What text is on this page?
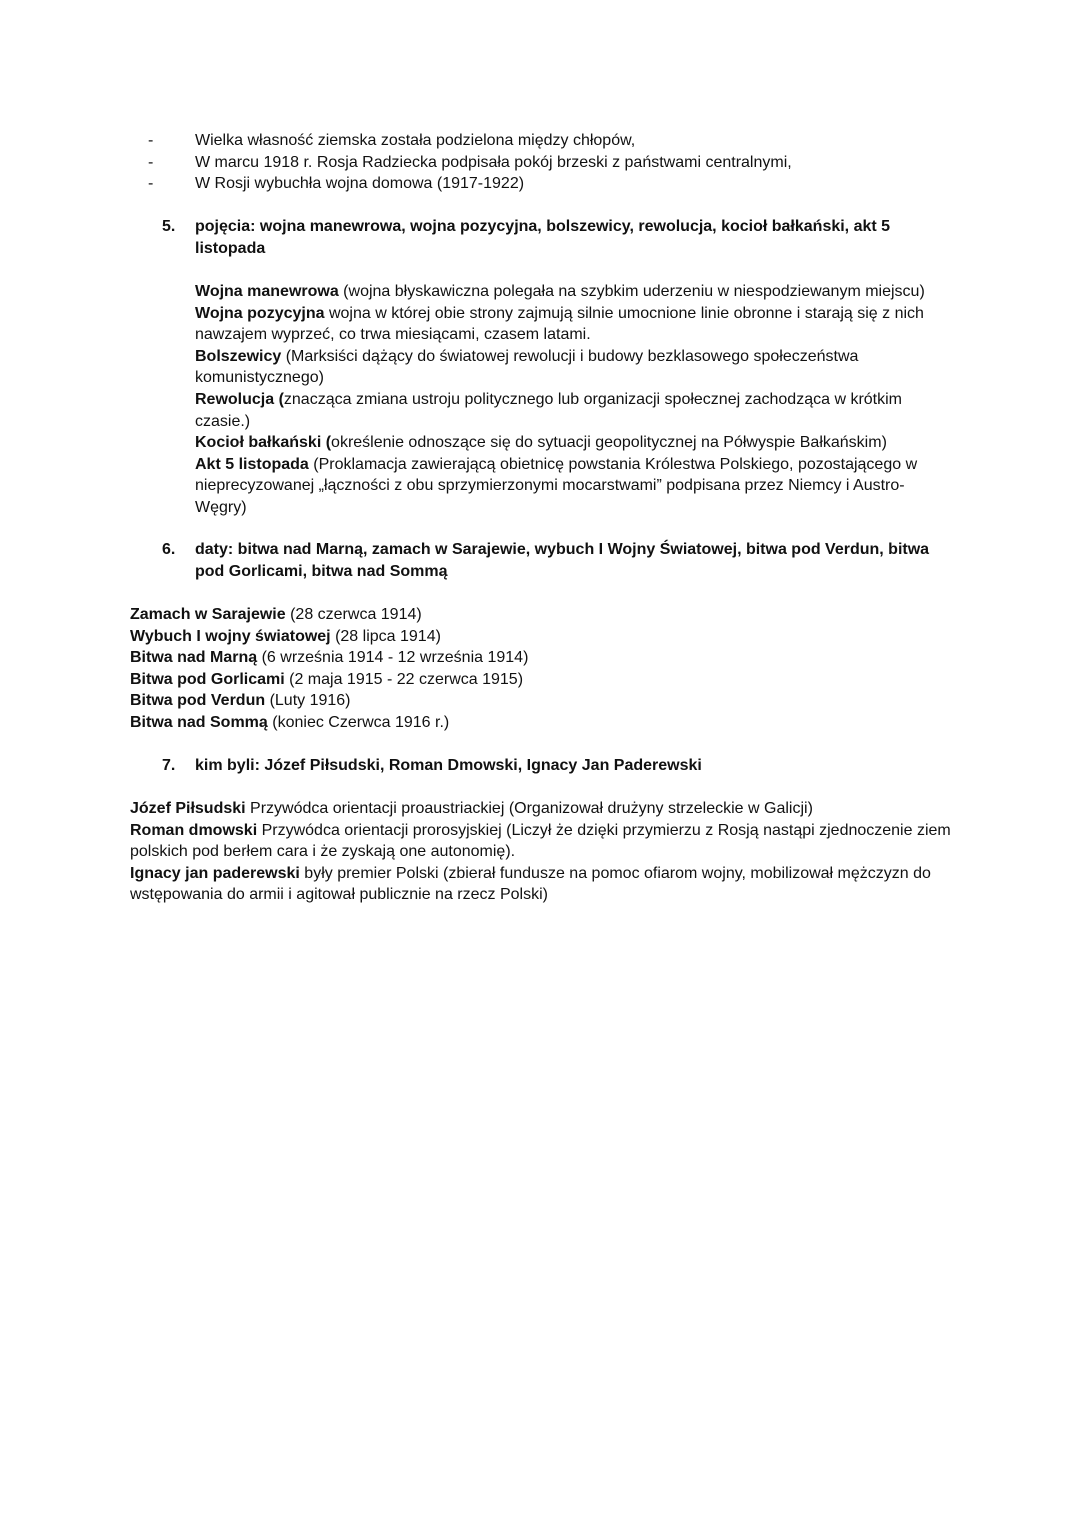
-	Wielka własność ziemska została podzielona między chłopów,
-	W marcu 1918 r. Rosja Radziecka podpisała pokój brzeski z państwami centralnymi,
-	W Rosji wybuchła wojna domowa (1917-1922)
5. pojęcia: wojna manewrowa, wojna pozycyjna, bolszewicy, rewolucja, kocioł bałkański, akt 5 listopada

Wojna manewrowa (wojna błyskawiczna polegała na szybkim uderzeniu w niespodziewanym miejscu)

Wojna pozycyjna wojna w której obie strony zajmują silnie umocnione linie obronne i starają się z nich nawzajem wyprzeć, co trwa miesiącami, czasem latami.

Bolszewicy (Marksiści dążący do światowej rewolucji i budowy bezklasowego społeczeństwa komunistycznego)

Rewolucja (znacząca zmiana ustroju politycznego lub organizacji społecznej zachodząca w krótkim czasie.)

Kocioł bałkański (określenie odnoszące się do sytuacji geopolitycznej na Półwyspie Bałkańskim)

Akt 5 listopada (Proklamacja zawierającą obietnicę powstania Królestwa Polskiego, pozostającego w nieprecyzowanej „łączności z obu sprzymierzonymi mocarstwami” podpisana przez Niemcy i Austro-Węgry)

6. daty: bitwa nad Marną, zamach w Sarajewie, wybuch I Wojny Światowej, bitwa pod Verdun, bitwa pod Gorlicami, bitwa nad Sommą
Zamach w Sarajewie (28 czerwca 1914)
Wybuch I wojny światowej (28 lipca 1914)
Bitwa nad Marną (6 września 1914 - 12 września 1914)
Bitwa pod Gorlicami (2 maja 1915 - 22 czerwca 1915)
Bitwa pod Verdun (Luty 1916)
Bitwa nad Sommą (koniec Czerwca 1916 r.)
7. kim byli: Józef Piłsudski, Roman Dmowski, Ignacy Jan Paderewski

Józef Piłsudski Przywódca orientacji proaustriackiej (Organizował drużyny strzeleckie w Galicji)

Roman dmowski Przywódca orientacji prorosyjskiej (Liczył że dzięki przymierzu z Rosją nastąpi zjednoczenie ziem polskich pod berłem cara i że zyskają one autonomię).

Ignacy jan paderewski były premier Polski (zbierał fundusze na pomoc ofiarom wojny, mobilizował mężczyzn do wstępowania do armii i agitował publicznie na rzecz Polski)
